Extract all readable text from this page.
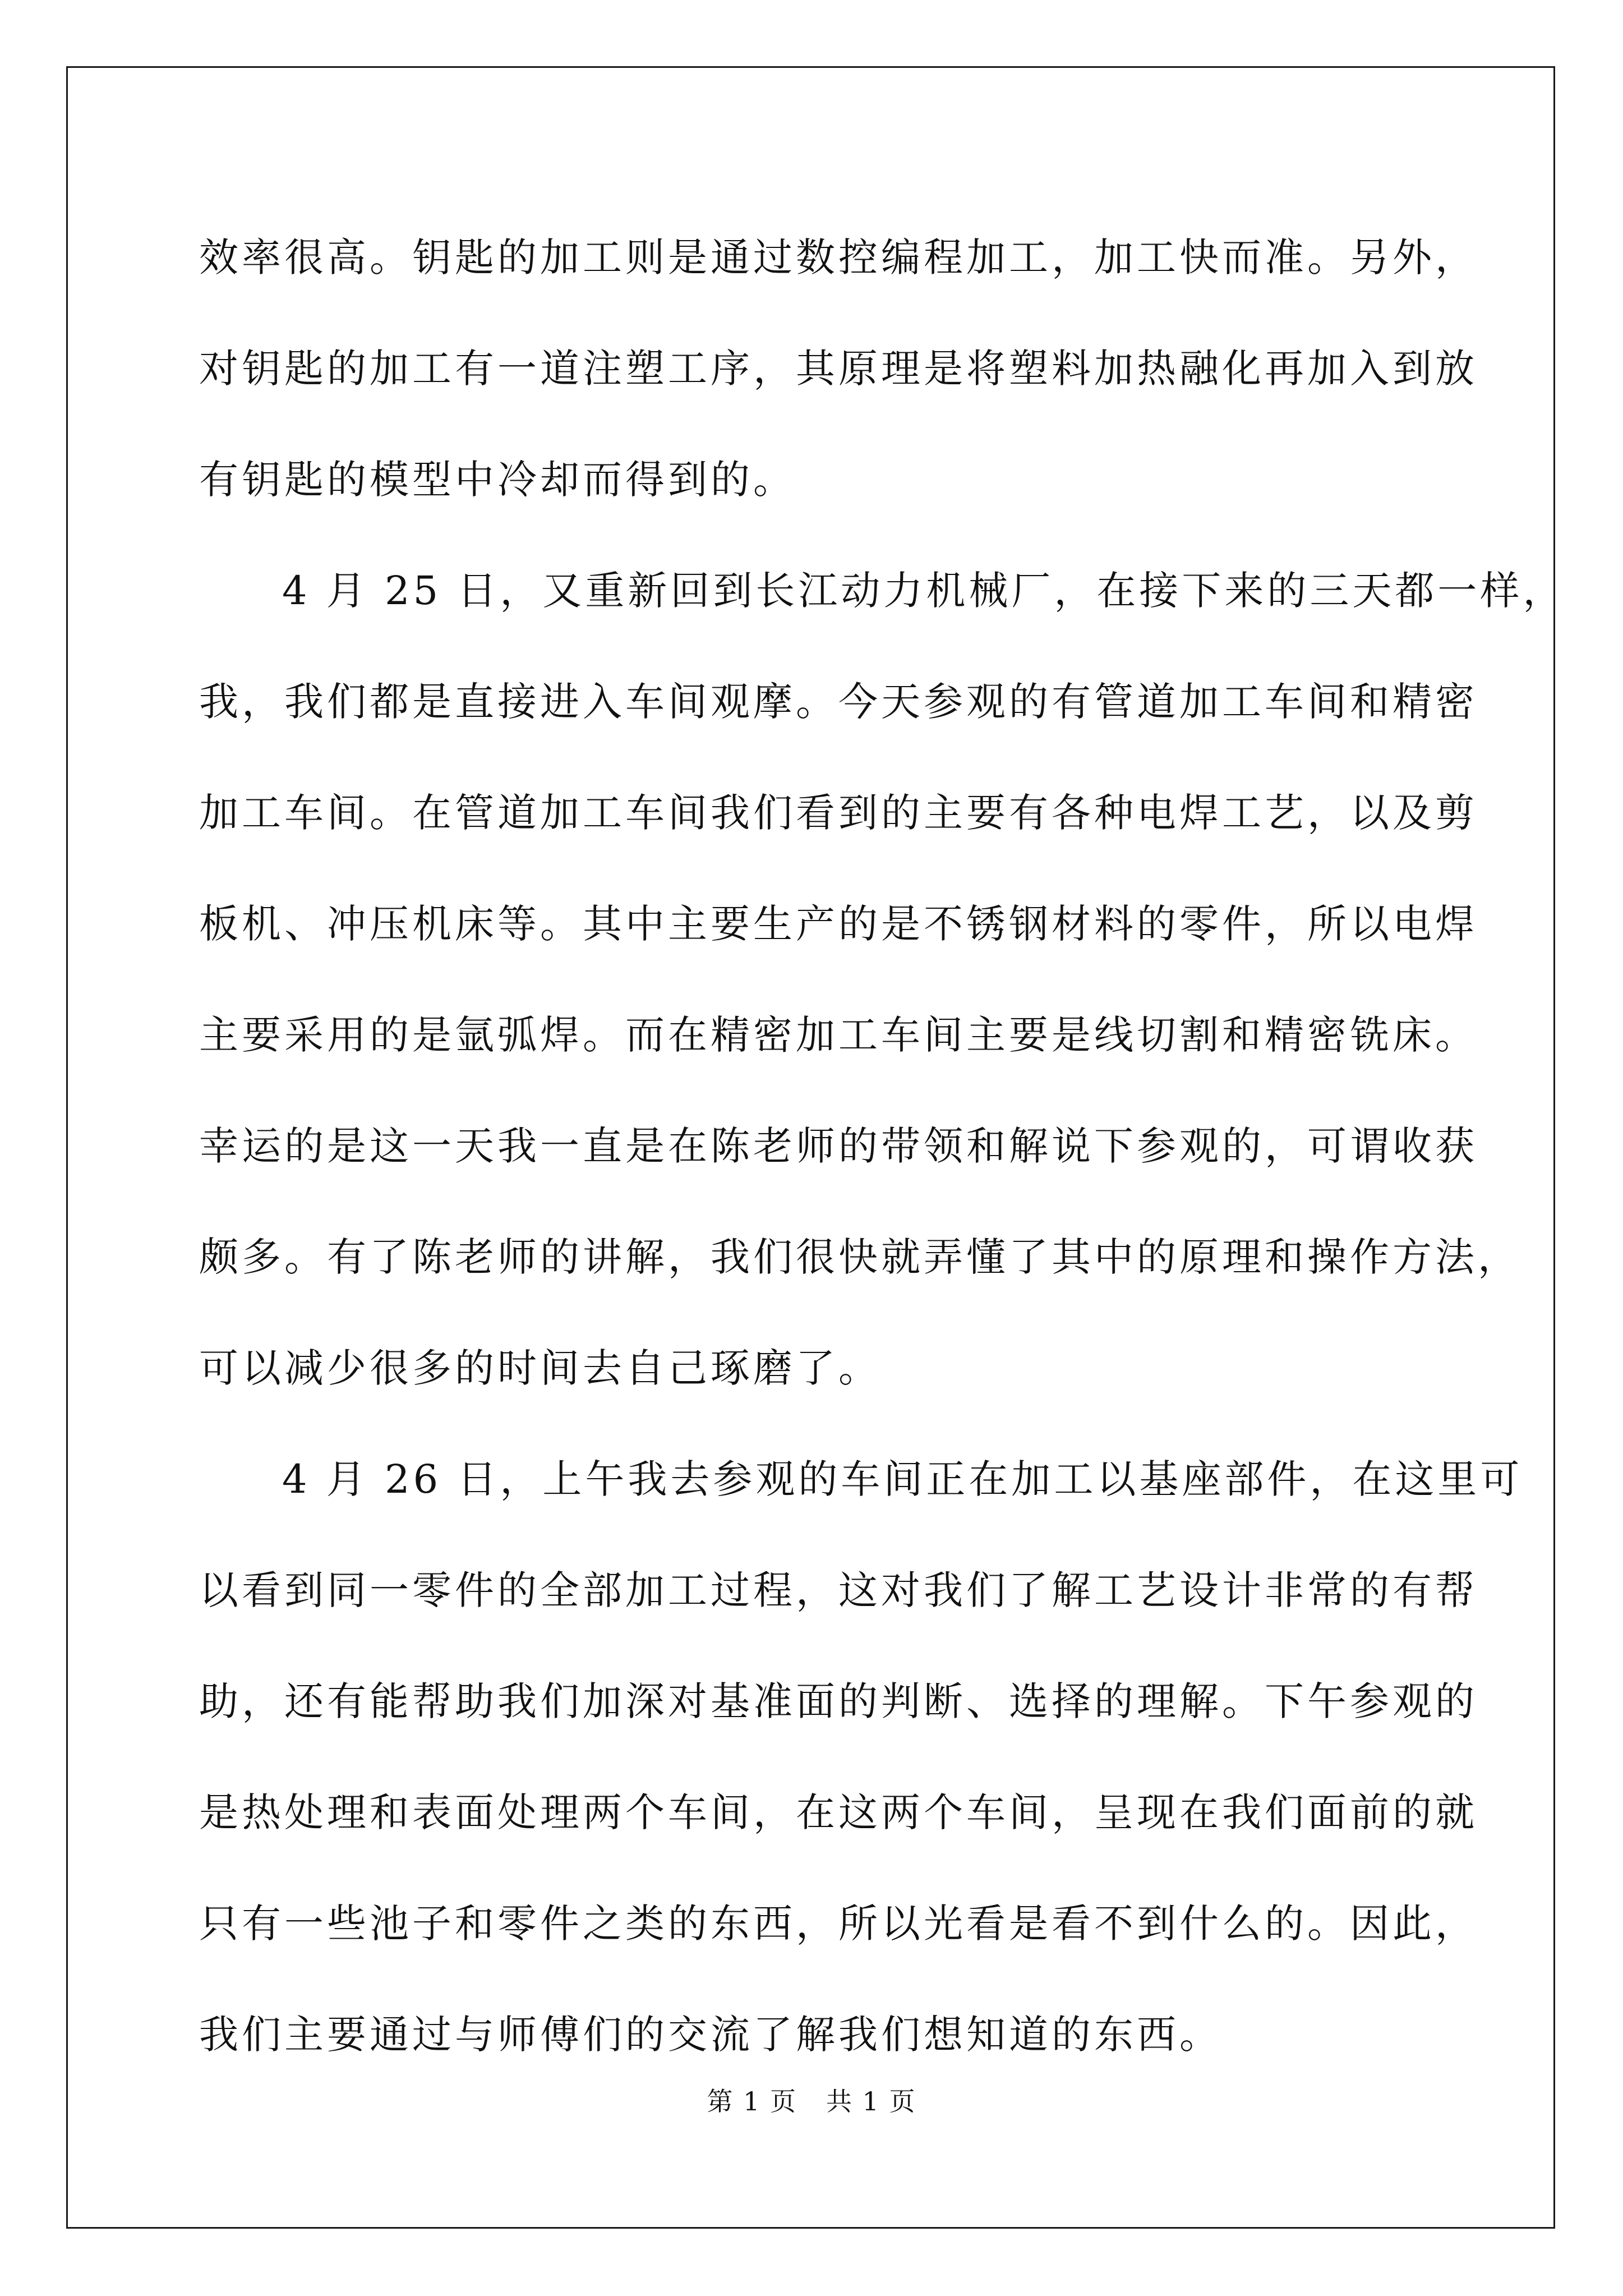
效率很高。钥匙的加工则是通过数控编程加工，加工快而准。另外，
对钥匙的加工有一道注塑工序，其原理是将塑料加热融化再加入到放
有钥匙的模型中冷却而得到的。
4 月 25 日，又重新回到长江动力机械厂，在接下来的三天都一样，
我，我们都是直接进入车间观摩。今天参观的有管道加工车间和精密
加工车间。在管道加工车间我们看到的主要有各种电焊工艺，以及剪
板机、冲压机床等。其中主要生产的是不锈钢材料的零件，所以电焊
主要采用的是氩弧焊。而在精密加工车间主要是线切割和精密铣床。
幸运的是这一天我一直是在陈老师的带领和解说下参观的，可谓收获
颇多。有了陈老师的讲解，我们很快就弄懂了其中的原理和操作方法，
可以减少很多的时间去自己琢磨了。
4 月 26 日，上午我去参观的车间正在加工以基座部件，在这里可
以看到同一零件的全部加工过程，这对我们了解工艺设计非常的有帮
助，还有能帮助我们加深对基准面的判断、选择的理解。下午参观的
是热处理和表面处理两个车间，在这两个车间，呈现在我们面前的就
只有一些池子和零件之类的东西，所以光看是看不到什么的。因此，
我们主要通过与师傅们的交流了解我们想知道的东西。
第 1 页 共 1 页
